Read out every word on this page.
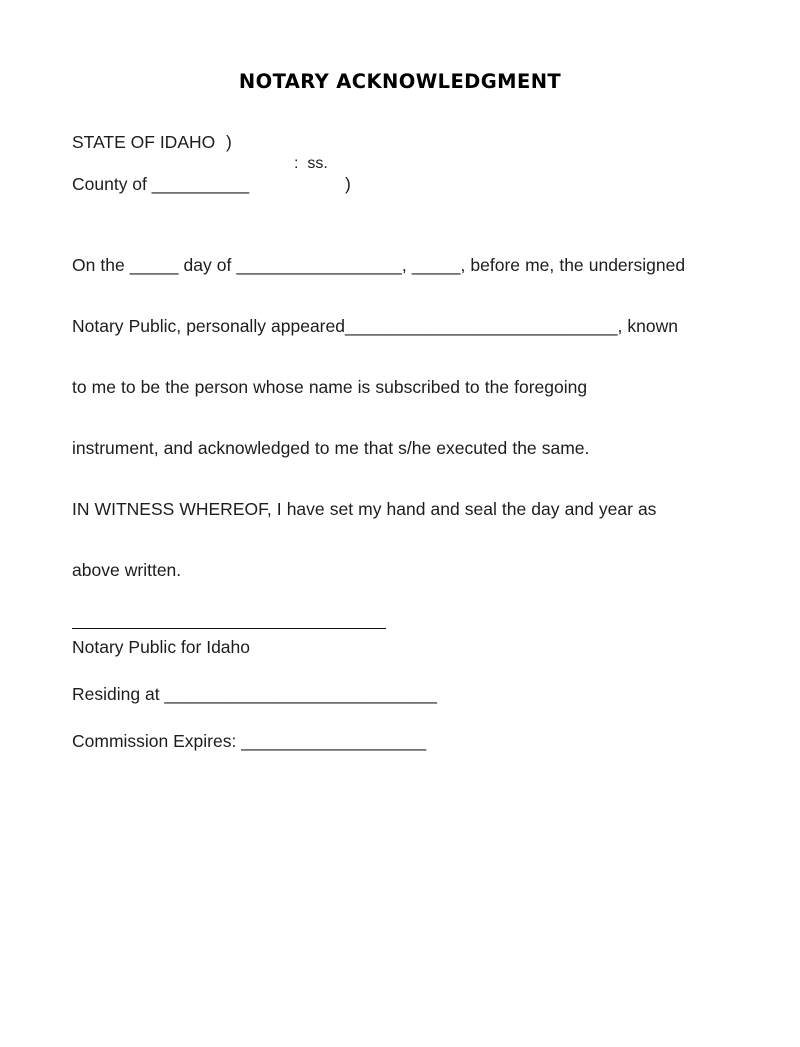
NOTARY ACKNOWLEDGMENT

STATE OF IDAHO

)

:  ss.

County of __________

	)

On the _____ day of _________________, _____, before me, the undersigned

Notary Public, personally appeared____________________________, known

to me to be the person whose name is subscribed to the foregoing

instrument, and acknowledged to me that s/he executed the same.

IN WITNESS WHEREOF, I have set my hand and seal the day and year as

above written.

Notary Public for Idaho

Residing at ____________________________

Commission Expires: ___________________
